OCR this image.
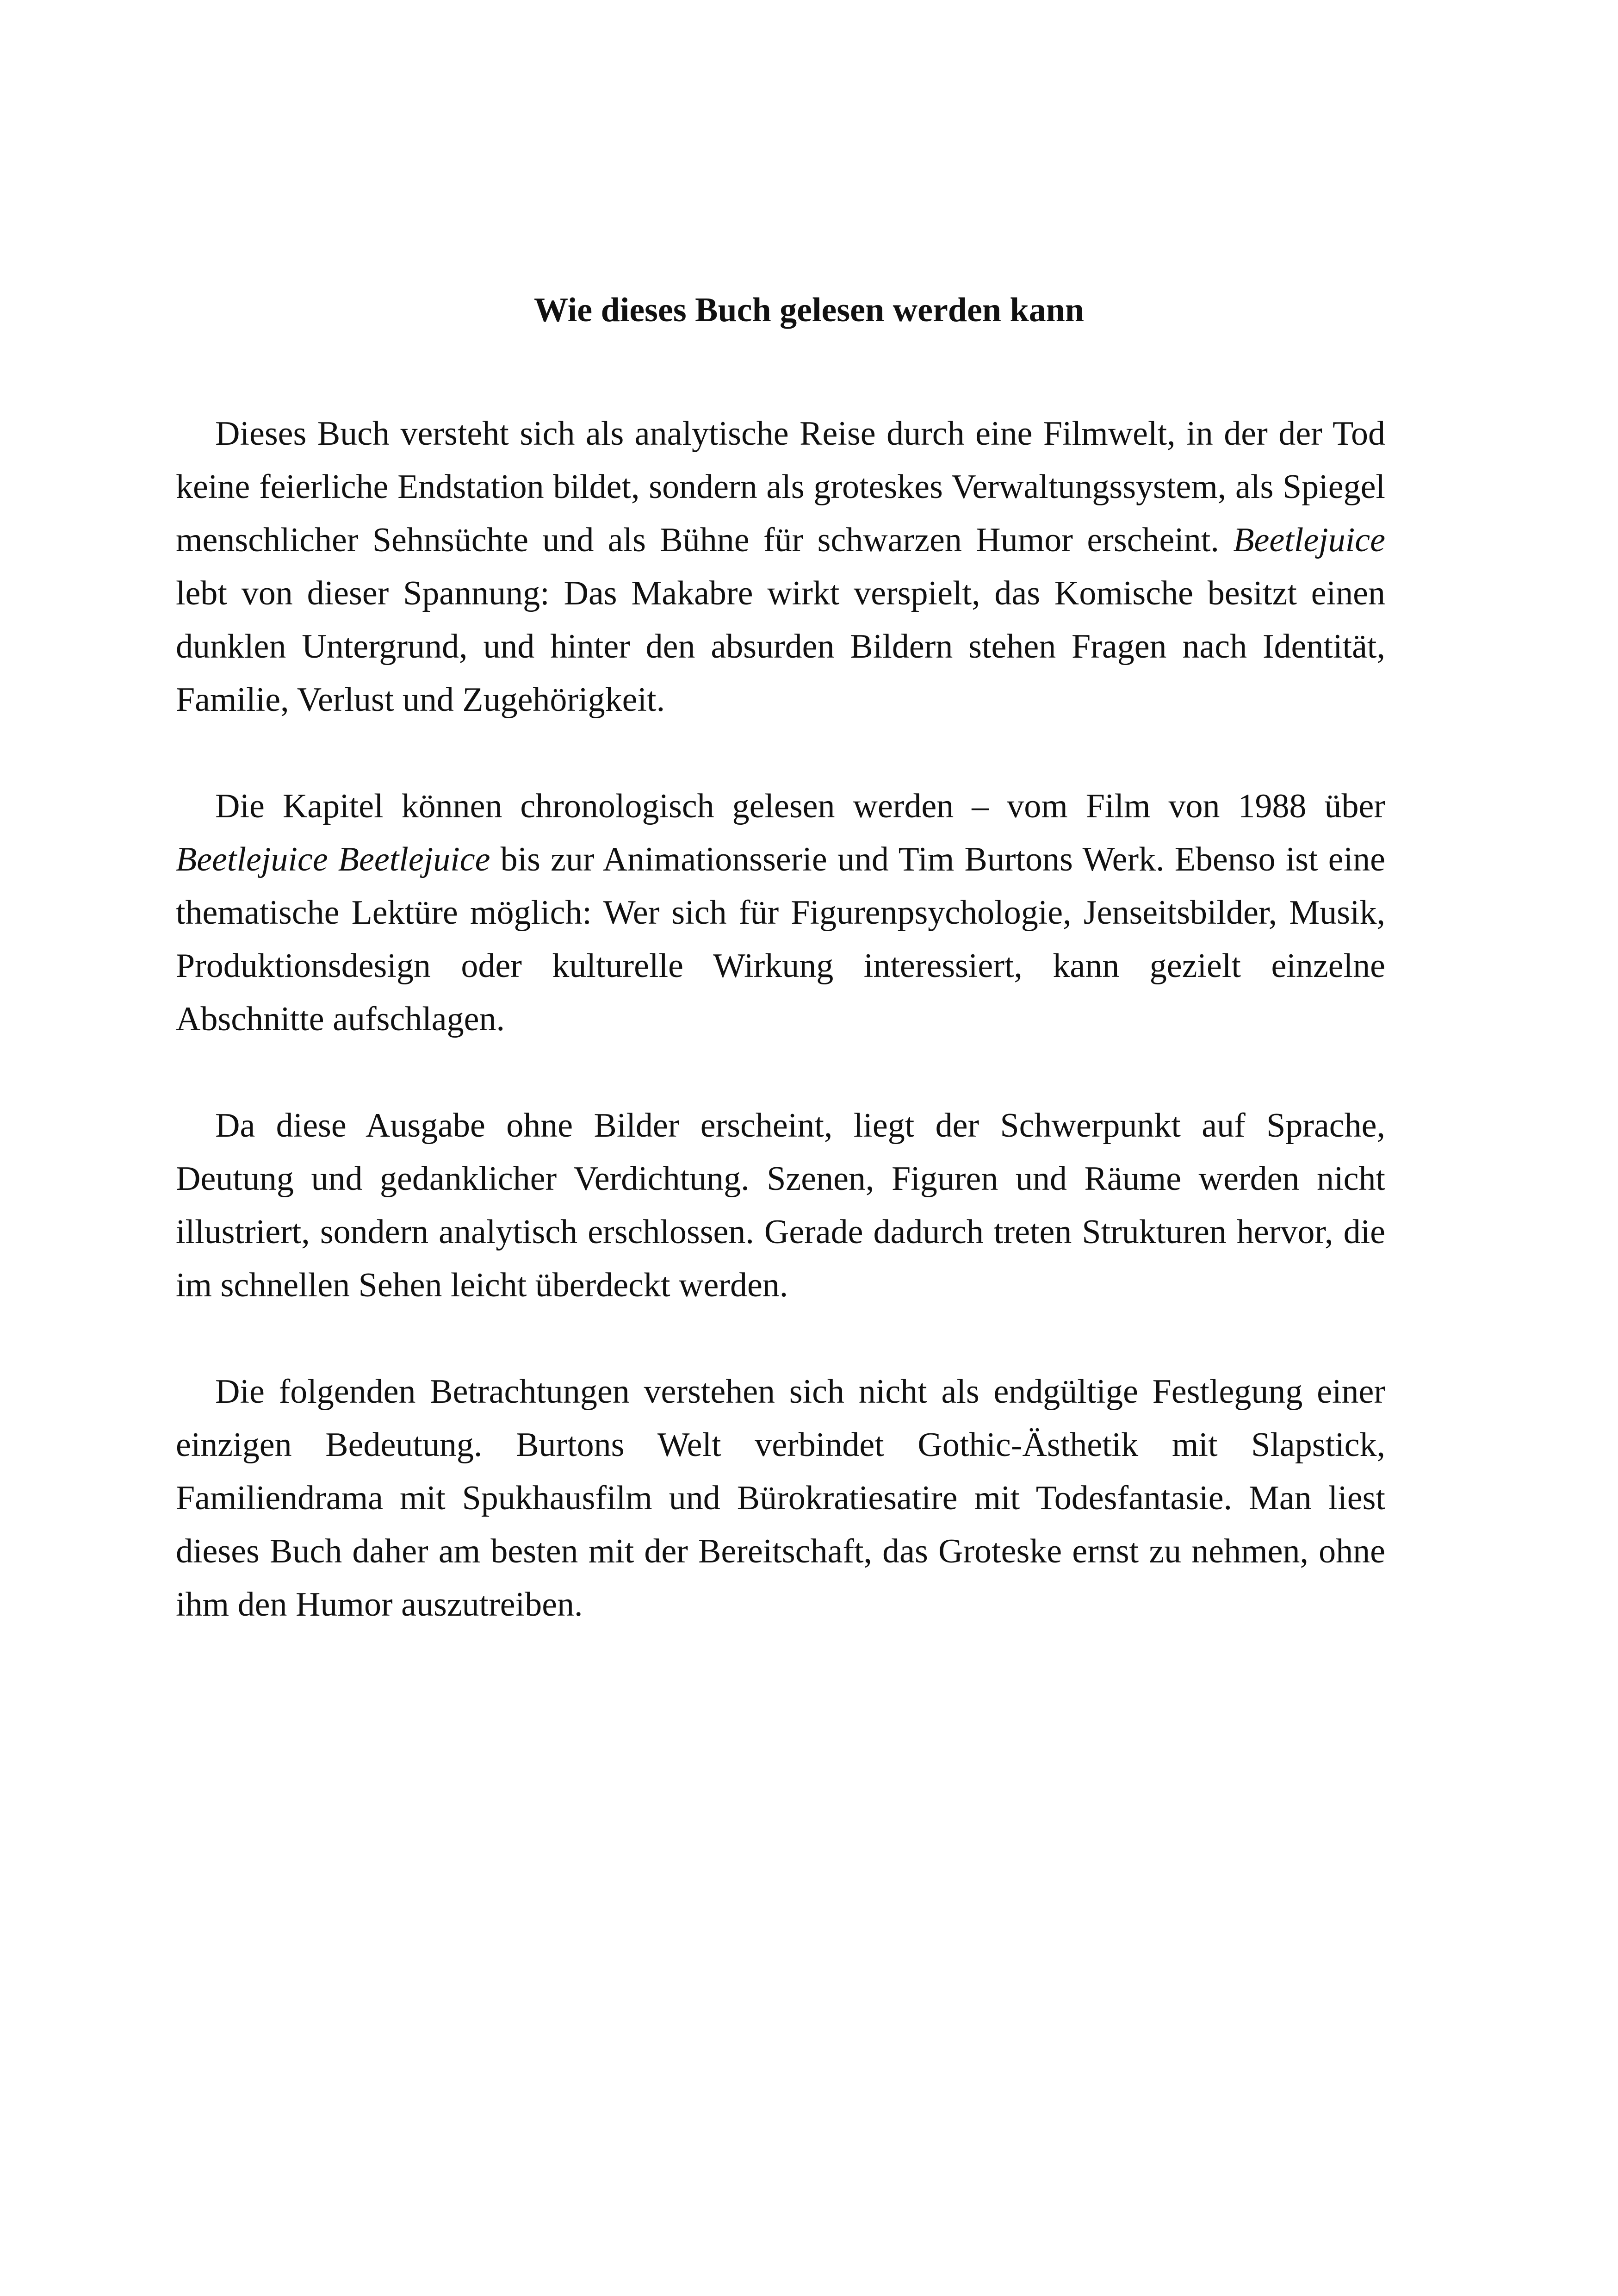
Wie dieses Buch gelesen werden kann

Dieses Buch versteht sich als analytische Reise durch eine Filmwelt, in der der Tod keine feierliche Endstation bildet, sondern als groteskes Verwaltungssystem, als Spiegel menschlicher Sehnsüchte und als Bühne für schwarzen Humor erscheint. Beetlejuice lebt von dieser Spannung: Das Makabre wirkt verspielt, das Komische besitzt einen dunklen Untergrund, und hinter den absurden Bildern stehen Fragen nach Identität, Familie, Verlust und Zugehörigkeit.

Die Kapitel können chronologisch gelesen werden – vom Film von 1988 über Beetlejuice Beetlejuice bis zur Animationsserie und Tim Burtons Werk. Ebenso ist eine thematische Lektüre möglich: Wer sich für Figurenpsychologie, Jenseitsbilder, Musik, Produktionsdesign oder kulturelle Wirkung interessiert, kann gezielt einzelne Abschnitte aufschlagen.

Da diese Ausgabe ohne Bilder erscheint, liegt der Schwerpunkt auf Sprache, Deutung und gedanklicher Verdichtung. Szenen, Figuren und Räume werden nicht illustriert, sondern analytisch erschlossen. Gerade dadurch treten Strukturen hervor, die im schnellen Sehen leicht überdeckt werden.

Die folgenden Betrachtungen verstehen sich nicht als endgültige Festlegung einer einzigen Bedeutung. Burtons Welt verbindet Gothic-Ästhetik mit Slapstick, Familiendrama mit Spukhausfilm und Bürokratiesatire mit Todesfantasie. Man liest dieses Buch daher am besten mit der Bereitschaft, das Groteske ernst zu nehmen, ohne ihm den Humor auszutreiben.
